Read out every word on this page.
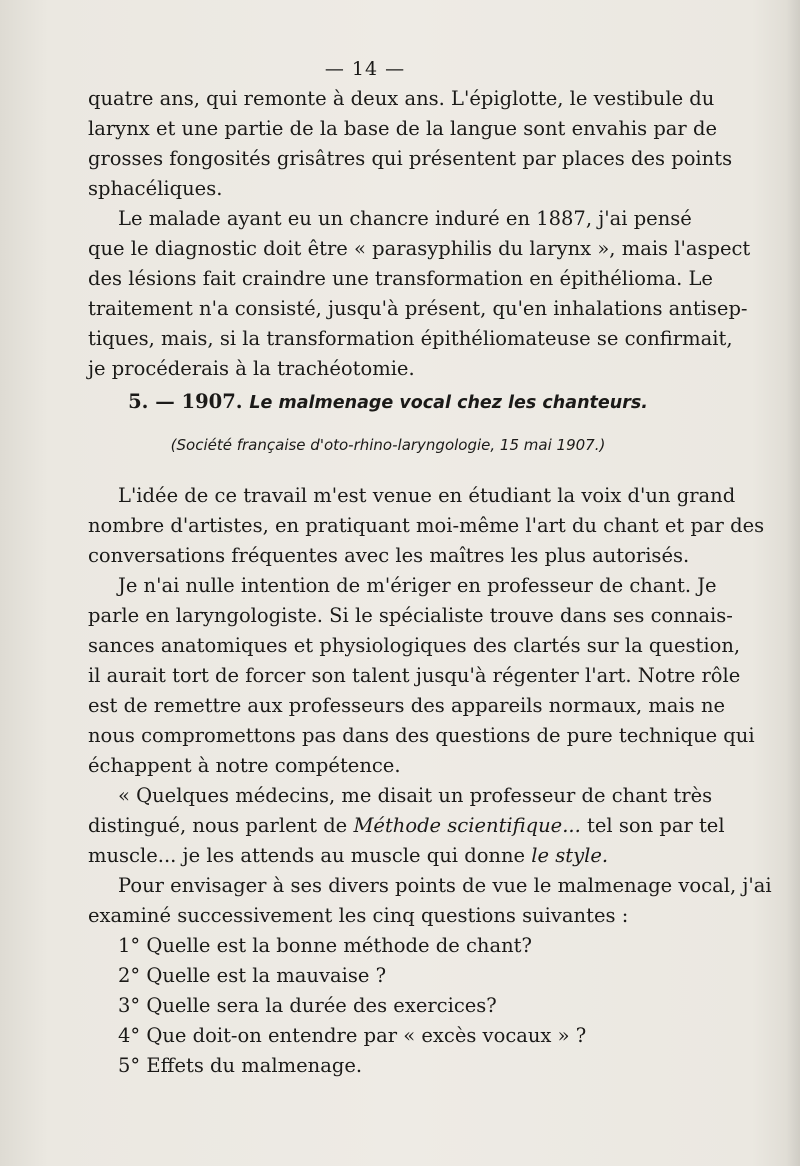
— 14 —
quatre ans, qui remonte à deux ans. L'épiglotte, le vestibule du
larynx et une partie de la base de la langue sont envahis par de
grosses fongosités grisâtres qui présentent par places des points
sphacéliques.
Le malade ayant eu un chancre induré en 1887, j'ai pensé
que le diagnostic doit être « parasyphilis du larynx », mais l'aspect
des lésions fait craindre une transformation en épithélioma. Le
traitement n'a consisté, jusqu'à présent, qu'en inhalations antisep-
tiques, mais, si la transformation épithéliomateuse se confirmait,
je procéderais à la trachéotomie.
5. — 1907. Le malmenage vocal chez les chanteurs.
(Société française d'oto-rhino-laryngologie, 15 mai 1907.)
L'idée de ce travail m'est venue en étudiant la voix d'un grand
nombre d'artistes, en pratiquant moi-même l'art du chant et par des
conversations fréquentes avec les maîtres les plus autorisés.
Je n'ai nulle intention de m'ériger en professeur de chant. Je
parle en laryngologiste. Si le spécialiste trouve dans ses connais-
sances anatomiques et physiologiques des clartés sur la question,
il aurait tort de forcer son talent jusqu'à régenter l'art. Notre rôle
est de remettre aux professeurs des appareils normaux, mais ne
nous compromettons pas dans des questions de pure technique qui
échappent à notre compétence.
« Quelques médecins, me disait un professeur de chant très
distingué, nous parlent de Méthode scientifique... tel son par tel
muscle... je les attends au muscle qui donne le style.
Pour envisager à ses divers points de vue le malmenage vocal, j'ai
examiné successivement les cinq questions suivantes :
1° Quelle est la bonne méthode de chant?
2° Quelle est la mauvaise ?
3° Quelle sera la durée des exercices?
4° Que doit-on entendre par « excès vocaux » ?
5° Effets du malmenage.
